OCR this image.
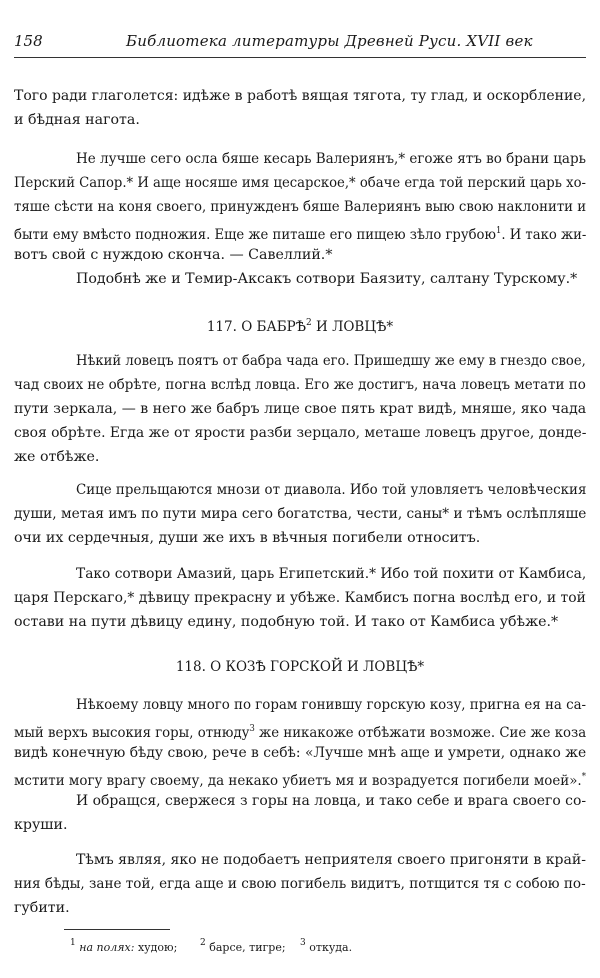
158	Библиотека литературы Древней Руси. XVII век
Того ради глаголется: идѣже в работѣ вящая тягота, ту глад, и оскорбление,
и бѣдная нагота.
Не лучше сего осла бяше кесарь Валериянъ,* егоже ятъ во брани царь
Перский Сапор.* И аще носяше имя цесарское,* обаче егда той перский царь хо-
тяше сѣсти на коня своего, принужденъ бяше Валериянъ выю свою наклонити и
быти ему вмѣсто подножия. Еще же питаше его пищею зѣло грубою$^1$. И тако жи-
вотъ свой с нуждою скончa. — Савеллий.*
Подобнѣ же и Темир-Аксакъ сотвори Баязиту, салтану Турскому.*
117. О БАБРѢ$^2$ И ЛОВЦѢ*
Нѣкий ловецъ поятъ от бабра чада его. Пришедшу же ему в гнездо свое,
чад своих не обрѣте, погна вслѣд ловца. Его же достигъ, нача ловецъ метати по
пути зеркала, — в него же бабръ лице свое пять крат видѣ, мняше, яко чада
своя обрѣте. Егда же от ярости разби зерцало, меташе ловецъ другое, донде-
же отбѣже.
Сице прельщаются мнози от диавола. Ибо той уловляетъ человѣческия
души, метая имъ по пути мира сего богатства, чести, саны* и тѣмъ ослѣпляше
очи их сердечныя, души же ихъ в вѣчныя погибели относитъ.
Тако сотвори Амазий, царь Египетский.* Ибо той похити от Камбиса,
царя Перскаго,* дѣвицу прекрасну и убѣже. Камбисъ погна вослѣд его, и той
остави на пути дѣвицу едину, подобную той. И тако от Камбиса убѣже.*
118. О КОЗѢ ГОРСКОЙ И ЛОВЦѢ*
Нѣкоему ловцу много по горам гонившу горскую козу, пригна ея на са-
мый верхъ высокия горы, отнюду$^3$ же никакоже отбѣжати возможе. Сие же коза
видѣ конечную бѣду свою, рече в себѣ: «Лучше мнѣ аще и умрети, однако же
мстити могу врагу своему, да некако убиетъ мя и возрадуется погибели моей».*
И обращся, свержеся з горы на ловца, и тако себе и врага своего со-
круши.
Тѣмъ являя, яко не подобаетъ неприятеля своего пригоняти в край-
ния бѣды, зане той, егда аще и свою погибель видитъ, потщится тя с собою по-
губити.
$^1$ на полях: худою;	$^2$ барсе, тигре; $^3$ откуда.
